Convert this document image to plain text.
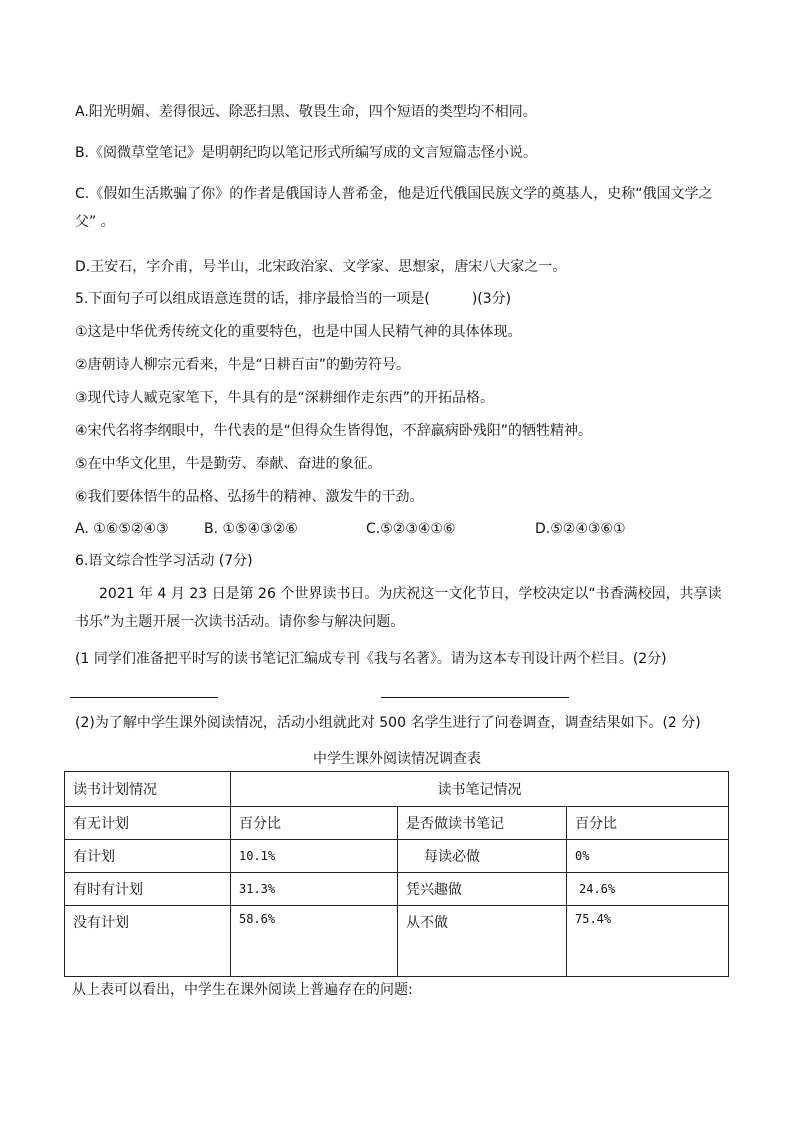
A.阳光明媚、差得很远、除恶扫黑、敬畏生命，四个短语的类型均不相同。
B.《阅微草堂笔记》是明朝纪昀以笔记形式所编写成的文言短篇志怪小说。
C.《假如生活欺骗了你》的作者是俄国诗人普希金，他是近代俄国民族文学的奠基人，史称“俄国文学之父” 。
D.王安石，字介甫，号半山，北宋政治家、文学家、思想家，唐宋八大家之一。
5.下面句子可以组成语意连贯的话，排序最恰当的一项是(　　　)(3分)
①这是中华优秀传统文化的重要特色，也是中国人民精气神的具体体现。
②唐朝诗人柳宗元看来，牛是“日耕百亩”的勤劳符号。
③现代诗人臧克家笔下，牛具有的是“深耕细作走东西”的开拓品格。
④宋代名将李纲眼中，牛代表的是“但得众生皆得饱，不辞羸病卧残阳”的牺牲精神。
⑤在中华文化里，牛是勤劳、奉献、奋进的象征。
⑥我们要体悟牛的品格、弘扬牛的精神、激发牛的干劲。
A. ①⑥⑤②④③	B. ①⑤④③②⑥	C.⑤②③④①⑥	D.⑤②④③⑥①
6.语文综合性学习活动 (7分)
2021 年 4 月 23 日是第 26 个世界读书日。为庆祝这一文化节日，学校决定以“书香满校园，共享读书乐”为主题开展一次读书活动。请你参与解决问题。
(1 同学们准备把平时写的读书笔记汇编成专刊《我与名著》。请为这本专刊设计两个栏目。(2分)
(2)为了解中学生课外阅读情况，活动小组就此对 500 名学生进行了问卷调查，调查结果如下。(2 分)
中学生课外阅读情况调查表
读书计划情况	读书笔记情况		
有无计划	百分比	是否做读书笔记	百分比
有计划	10.1%	每读必做	0%
有时有计划	31.3%	凭兴趣做	24.6%
没有计划	58.6%	从不做	75.4%
从上表可以看出，中学生在课外阅读上普遍存在的问题:
